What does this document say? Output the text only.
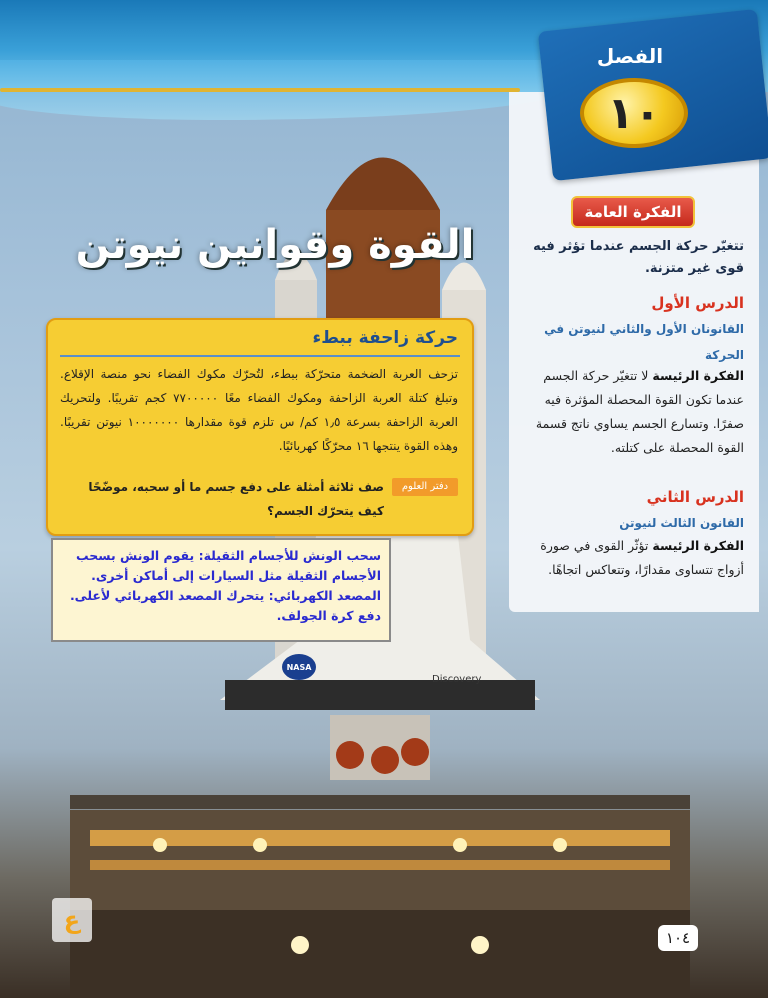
NASA
Discovery
الفصل
١٠
الفكرة العامة
تتغيّر حركة الجسم عندما تؤثر فيه قوى غير متزنة.
الدرس الأول
القانونان الأول والثاني لنيوتن في الحركة
الفكرة الرئيسة لا تتغيّر حركة الجسم عندما تكون القوة المحصلة المؤثرة فيه صفرًا. وتسارع الجسم يساوي ناتج قسمة القوة المحصلة على كتلته.
الدرس الثاني
القانون الثالث لنيوتن
الفكرة الرئيسة تؤثّر القوى في صورة أزواج تتساوى مقدارًا، وتتعاكس اتجاهًا.
القوة وقوانين نيوتن
حركة زاحفة ببطء
تزحف العربة الضخمة متحرّكة ببطء، لتُحرّك مكوك الفضاء نحو منصة الإقلاع. وتبلغ كتلة العربة الزاحفة ومكوك الفضاء معًا ٧٧٠٠٠٠٠ كجم تقريبًا. ولتحريك العربة الزاحفة بسرعة ١٫٥ كم/ س تلزم قوة مقدارها ١٠٠٠٠٠٠٠ نيوتن تقريبًا. وهذه القوة ينتجها ١٦ محرّكًا كهربائيًا.
دفتر العلوم
صف ثلاثة أمثلة على دفع جسم ما أو سحبه، موضّحًا كيف يتحرّك الجسم؟
سحب الونش للأجسام الثقيلة: يقوم الونش بسحب
الأجسام الثقيلة مثل السيارات إلى أماكن أخرى.
المصعد الكهربائي: يتحرك المصعد الكهربائي لأعلى.
دفع كرة الجولف.
ع
١٠٤
